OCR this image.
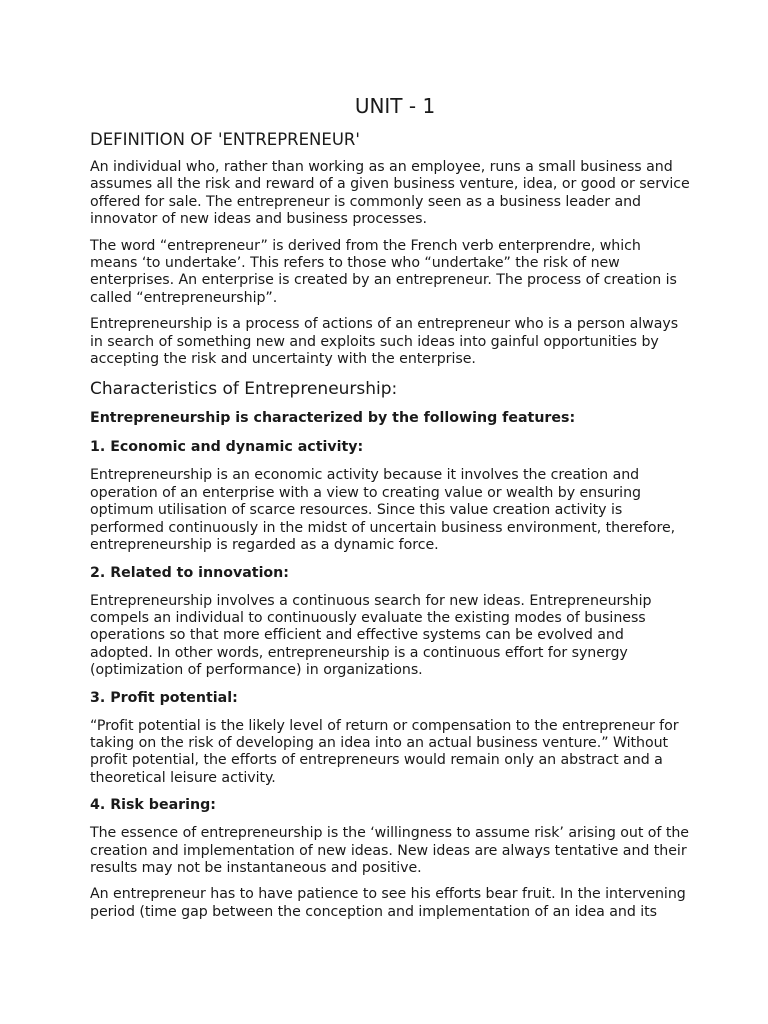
UNIT - 1
DEFINITION OF 'ENTREPRENEUR'

An individual who, rather than working as an employee, runs a small business and assumes all the risk and reward of a given business venture, idea, or good or service offered for sale. The entrepreneur is commonly seen as a business leader and innovator of new ideas and business processes.

The word “entrepreneur” is derived from the French verb enterprendre, which means ‘to undertake’. This refers to those who “undertake” the risk of new enterprises. An enterprise is created by an entrepreneur. The process of creation is called “entrepreneurship”.

Entrepreneurship is a process of actions of an entrepreneur who is a person always in search of something new and exploits such ideas into gainful opportunities by accepting the risk and uncertainty with the enterprise.

Characteristics of Entrepreneurship:

Entrepreneurship is characterized by the following features:

1. Economic and dynamic activity:

Entrepreneurship is an economic activity because it involves the creation and operation of an enterprise with a view to creating value or wealth by ensuring optimum utilisation of scarce resources. Since this value creation activity is performed continuously in the midst of uncertain business environment, therefore, entrepreneurship is regarded as a dynamic force.

2. Related to innovation:

Entrepreneurship involves a continuous search for new ideas. Entrepreneurship compels an individual to continuously evaluate the existing modes of business operations so that more efficient and effective systems can be evolved and adopted. In other words, entrepreneurship is a continuous effort for synergy (optimization of performance) in organizations.

3. Profit potential:

“Profit potential is the likely level of return or compensation to the entrepreneur for taking on the risk of developing an idea into an actual business venture.” Without profit potential, the efforts of entrepreneurs would remain only an abstract and a theoretical leisure activity.

4. Risk bearing:

The essence of entrepreneurship is the ‘willingness to assume risk’ arising out of the creation and implementation of new ideas. New ideas are always tentative and their results may not be instantaneous and positive.

An entrepreneur has to have patience to see his efforts bear fruit. In the intervening period (time gap between the conception and implementation of an idea and its
